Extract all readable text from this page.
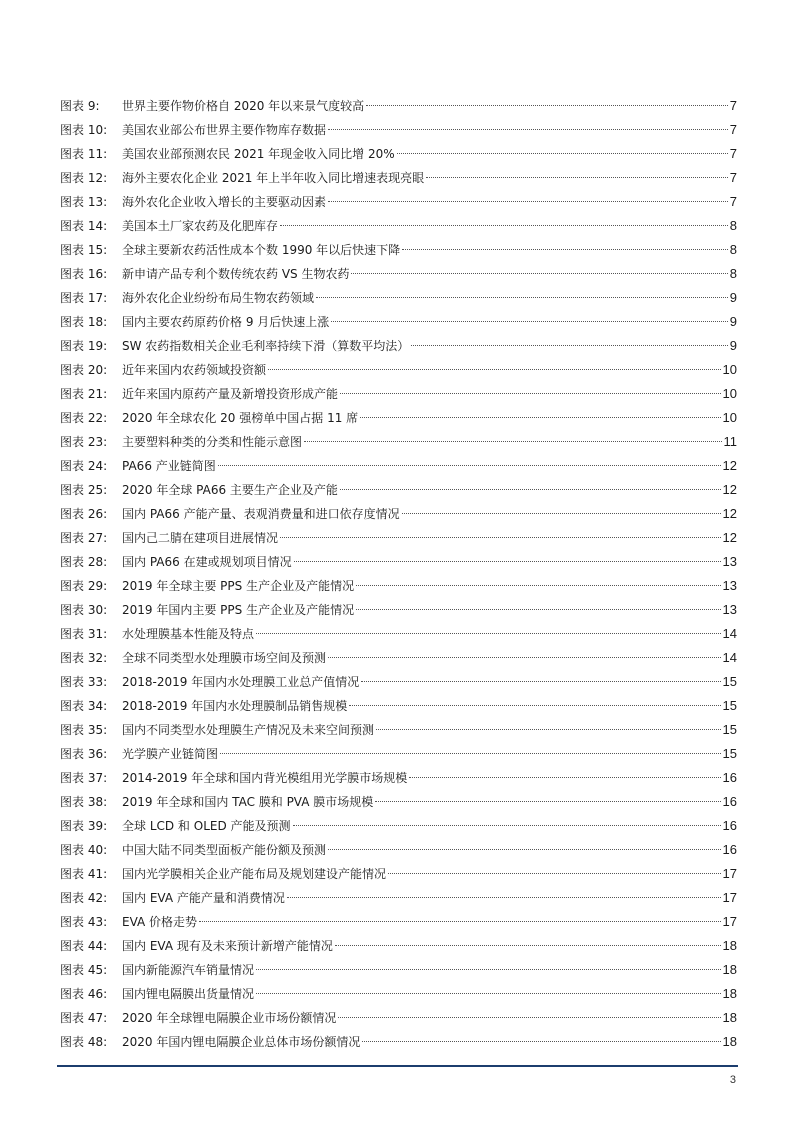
图表 9:	世界主要作物价格自 2020 年以来景气度较高	7
图表 10:	美国农业部公布世界主要作物库存数据	7
图表 11:	美国农业部预测农民 2021 年现金收入同比增 20%	7
图表 12:	海外主要农化企业 2021 年上半年收入同比增速表现亮眼	7
图表 13:	海外农化企业收入增长的主要驱动因素	7
图表 14:	美国本土厂家农药及化肥库存	8
图表 15:	全球主要新农药活性成本个数 1990 年以后快速下降	8
图表 16:	新申请产品专利个数传统农药 VS 生物农药	8
图表 17:	海外农化企业纷纷布局生物农药领域	9
图表 18:	国内主要农药原药价格 9 月后快速上涨	9
图表 19:	SW 农药指数相关企业毛利率持续下滑（算数平均法）	9
图表 20:	近年来国内农药领域投资额	10
图表 21:	近年来国内原药产量及新增投资形成产能	10
图表 22:	2020 年全球农化 20 强榜单中国占据 11 席	10
图表 23:	主要塑料种类的分类和性能示意图	11
图表 24:	PA66 产业链简图	12
图表 25:	2020 年全球 PA66 主要生产企业及产能	12
图表 26:	国内 PA66 产能产量、表观消费量和进口依存度情况	12
图表 27:	国内己二腈在建项目进展情况	12
图表 28:	国内 PA66 在建或规划项目情况	13
图表 29:	2019 年全球主要 PPS 生产企业及产能情况	13
图表 30:	2019 年国内主要 PPS 生产企业及产能情况	13
图表 31:	水处理膜基本性能及特点	14
图表 32:	全球不同类型水处理膜市场空间及预测	14
图表 33:	2018-2019 年国内水处理膜工业总产值情况	15
图表 34:	2018-2019 年国内水处理膜制品销售规模	15
图表 35:	国内不同类型水处理膜生产情况及未来空间预测	15
图表 36:	光学膜产业链简图	15
图表 37:	2014-2019 年全球和国内背光模组用光学膜市场规模	16
图表 38:	2019 年全球和国内 TAC 膜和 PVA 膜市场规模	16
图表 39:	全球 LCD 和 OLED 产能及预测	16
图表 40:	中国大陆不同类型面板产能份额及预测	16
图表 41:	国内光学膜相关企业产能布局及规划建设产能情况	17
图表 42:	国内 EVA 产能产量和消费情况	17
图表 43:	EVA 价格走势	17
图表 44:	国内 EVA 现有及未来预计新增产能情况	18
图表 45:	国内新能源汽车销量情况	18
图表 46:	国内锂电隔膜出货量情况	18
图表 47:	2020 年全球锂电隔膜企业市场份额情况	18
图表 48:	2020 年国内锂电隔膜企业总体市场份额情况	18
3
